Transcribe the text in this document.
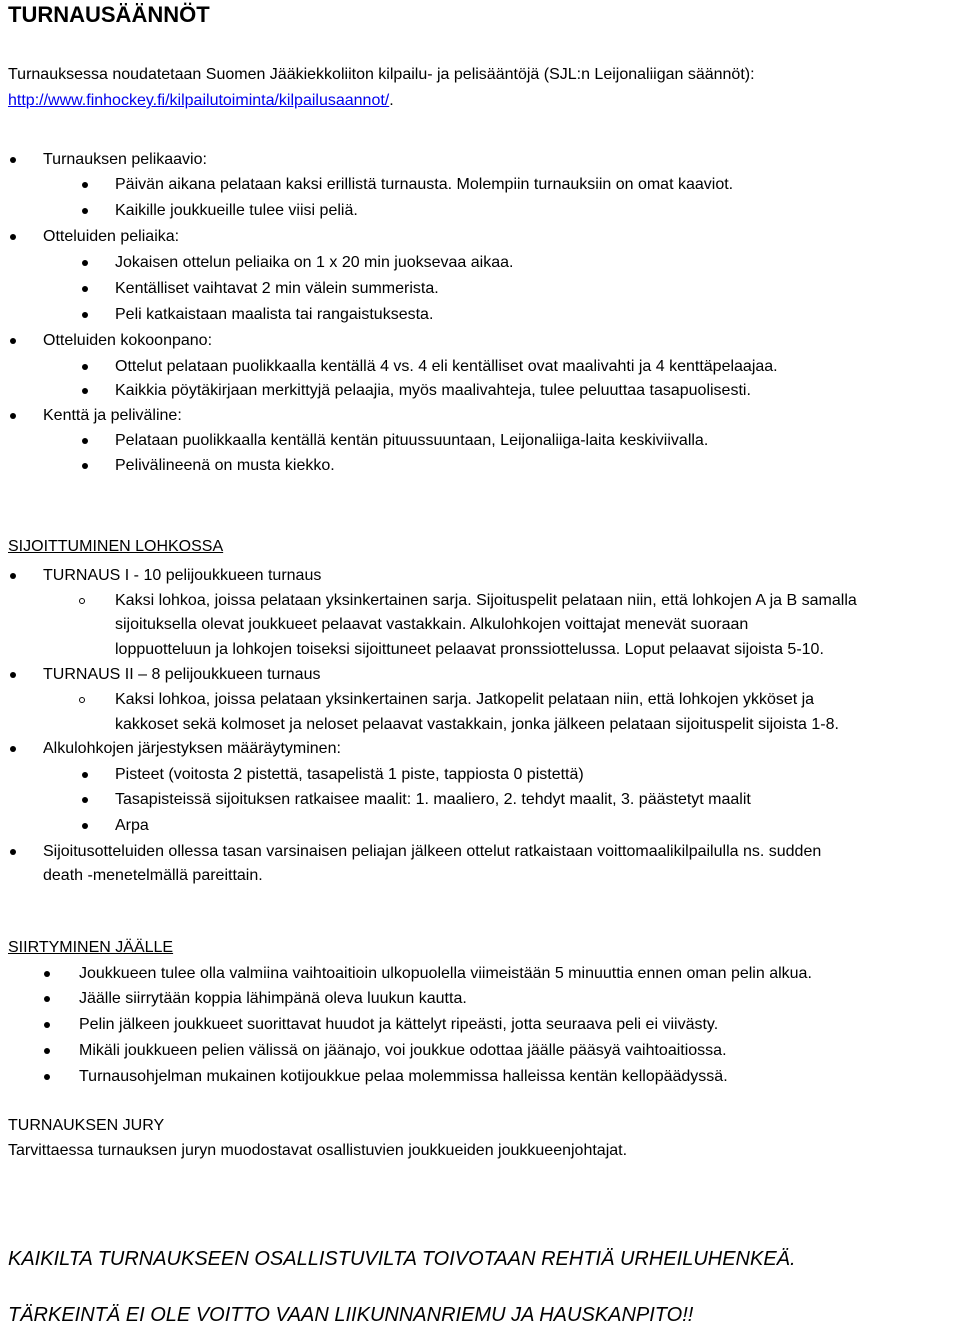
TURNAUSÄÄNNÖT
Turnauksessa noudatetaan Suomen Jääkiekkoliiton kilpailu- ja pelisääntöjä (SJL:n Leijonaliigan säännöt):
http://www.finhockey.fi/kilpailutoiminta/kilpailusaannot/.
Turnauksen pelikaavio:
Päivän aikana pelataan kaksi erillistä turnausta. Molempiin turnauksiin on omat kaaviot.
Kaikille joukkueille tulee viisi peliä.
Otteluiden peliaika:
Jokaisen ottelun peliaika on 1 x 20 min juoksevaa aikaa.
Kentälliset vaihtavat 2 min välein summerista.
Peli katkaistaan maalista tai rangaistuksesta.
Otteluiden kokoonpano:
Ottelut pelataan puolikkaalla kentällä 4 vs. 4 eli kentälliset ovat maalivahti ja 4 kenttäpelaajaa.
Kaikkia pöytäkirjaan merkittyjä pelaajia, myös maalivahteja, tulee peluuttaa tasapuolisesti.
Kenttä ja peliväline:
Pelataan puolikkaalla kentällä kentän pituussuuntaan, Leijonaliiga-laita keskiviivalla.
Pelivälineenä on musta kiekko.
SIJOITTUMINEN LOHKOSSA
TURNAUS I - 10 pelijoukkueen turnaus
Kaksi lohkoa, joissa pelataan yksinkertainen sarja. Sijoituspelit pelataan niin, että lohkojen A ja B samalla
sijoituksella olevat joukkueet pelaavat vastakkain. Alkulohkojen voittajat menevät suoraan
loppuotteluun ja lohkojen toiseksi sijoittuneet pelaavat pronssiottelussa. Loput pelaavat sijoista 5-10.
TURNAUS II – 8 pelijoukkueen turnaus
Kaksi lohkoa, joissa pelataan yksinkertainen sarja. Jatkopelit pelataan niin, että lohkojen ykköset ja
kakkoset sekä kolmoset ja neloset pelaavat vastakkain, jonka jälkeen pelataan sijoituspelit sijoista 1-8.
Alkulohkojen järjestyksen määräytyminen:
Pisteet (voitosta 2 pistettä, tasapelistä 1 piste, tappiosta 0 pistettä)
Tasapisteissä sijoituksen ratkaisee maalit: 1. maaliero, 2. tehdyt maalit, 3. päästetyt maalit
Arpa
Sijoitusotteluiden ollessa tasan varsinaisen peliajan jälkeen ottelut ratkaistaan voittomaalikilpailulla ns. sudden
death -menetelmällä pareittain.
SIIRTYMINEN JÄÄLLE
Joukkueen tulee olla valmiina vaihtoaitioin ulkopuolella viimeistään 5 minuuttia ennen oman pelin alkua.
Jäälle siirrytään koppia lähimpänä oleva luukun kautta.
Pelin jälkeen joukkueet suorittavat huudot ja kättelyt ripeästi, jotta seuraava peli ei viivästy.
Mikäli joukkueen pelien välissä on jäänajo, voi joukkue odottaa jäälle pääsyä vaihtoaitiossa.
Turnausohjelman mukainen kotijoukkue pelaa molemmissa halleissa kentän kellopäädyssä.
TURNAUKSEN JURY
Tarvittaessa turnauksen juryn muodostavat osallistuvien joukkueiden joukkueenjohtajat.
KAIKILTA TURNAUKSEEN OSALLISTUVILTA TOIVOTAAN REHTIÄ URHEILUHENKEÄ.
TÄRKEINTÄ EI OLE VOITTO VAAN LIIKUNNANRIEMU JA HAUSKANPITO!!
